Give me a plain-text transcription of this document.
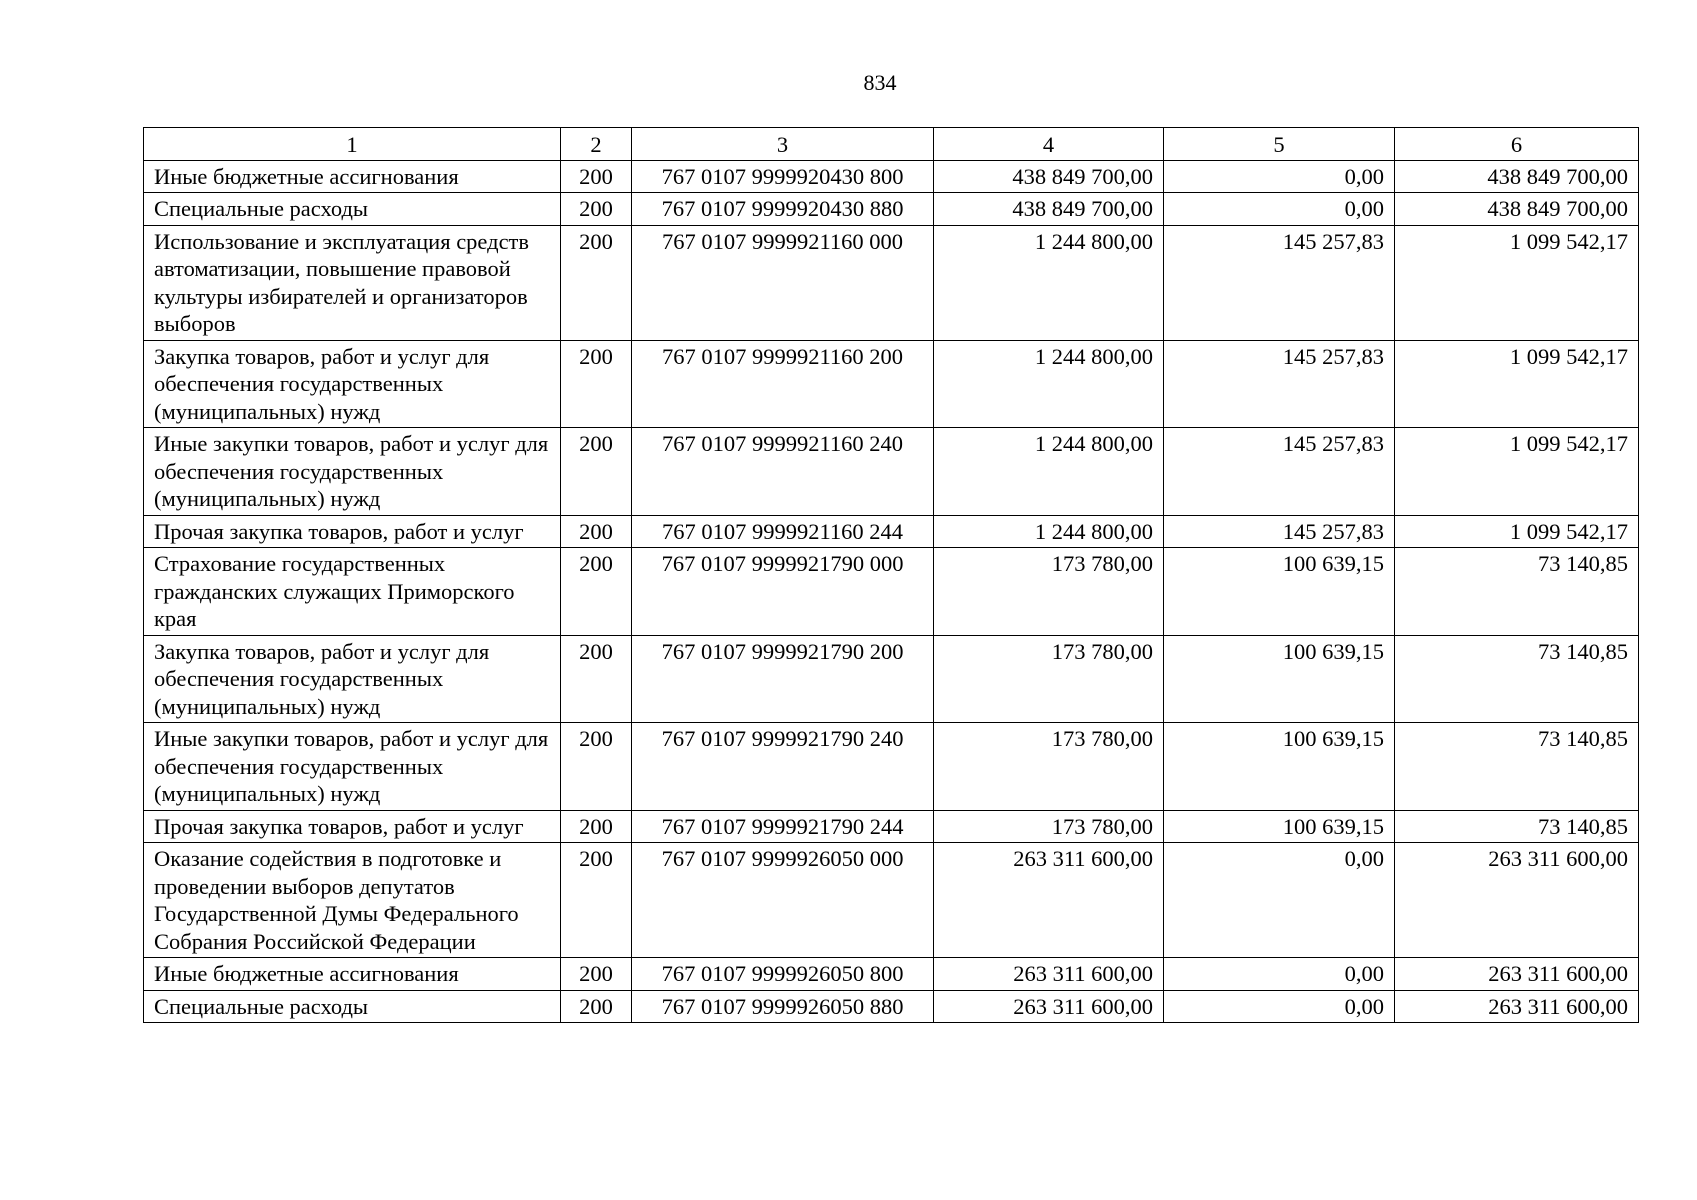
834
1	2	3	4	5	6
Иные бюджетные ассигнования	200	767 0107 9999920430 800	438 849 700,00	0,00	438 849 700,00
Специальные расходы	200	767 0107 9999920430 880	438 849 700,00	0,00	438 849 700,00
Использование и эксплуатация средств автоматизации, повышение правовой культуры избирателей и организаторов выборов	200	767 0107 9999921160 000	1 244 800,00	145 257,83	1 099 542,17
Закупка товаров, работ и услуг для обеспечения государственных (муниципальных) нужд	200	767 0107 9999921160 200	1 244 800,00	145 257,83	1 099 542,17
Иные закупки товаров, работ и услуг для обеспечения государственных (муниципальных) нужд	200	767 0107 9999921160 240	1 244 800,00	145 257,83	1 099 542,17
Прочая закупка товаров, работ и услуг	200	767 0107 9999921160 244	1 244 800,00	145 257,83	1 099 542,17
Страхование государственных гражданских служащих Приморского края	200	767 0107 9999921790 000	173 780,00	100 639,15	73 140,85
Закупка товаров, работ и услуг для обеспечения государственных (муниципальных) нужд	200	767 0107 9999921790 200	173 780,00	100 639,15	73 140,85
Иные закупки товаров, работ и услуг для обеспечения государственных (муниципальных) нужд	200	767 0107 9999921790 240	173 780,00	100 639,15	73 140,85
Прочая закупка товаров, работ и услуг	200	767 0107 9999921790 244	173 780,00	100 639,15	73 140,85
Оказание содействия в подготовке и проведении выборов депутатов Государственной Думы Федерального Собрания Российской Федерации	200	767 0107 9999926050 000	263 311 600,00	0,00	263 311 600,00
Иные бюджетные ассигнования	200	767 0107 9999926050 800	263 311 600,00	0,00	263 311 600,00
Специальные расходы	200	767 0107 9999926050 880	263 311 600,00	0,00	263 311 600,00
